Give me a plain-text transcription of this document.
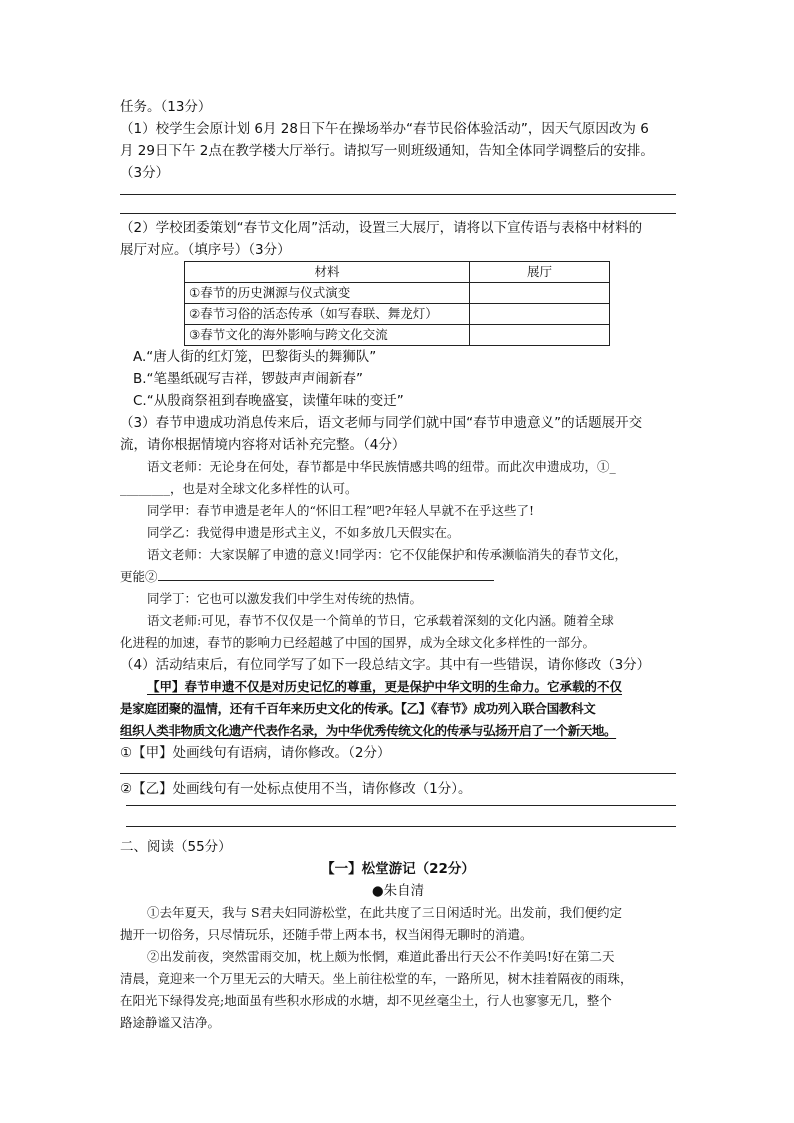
任务。（13分）
（1）校学生会原计划 6月 28日下午在操场举办“春节民俗体验活动”，因天气原因改为 6
月 29日下午 2点在教学楼大厅举行。请拟写一则班级通知，告知全体同学调整后的安排。
（3分）
（2）学校团委策划“春节文化周”活动，设置三大展厅，请将以下宣传语与表格中材料的
展厅对应。（填序号）（3分）
材料	展厅
①春节的历史渊源与仪式演变	
②春节习俗的活态传承（如写春联、舞龙灯）	
③春节文化的海外影响与跨文化交流	
A.“唐人街的红灯笼，巴黎街头的舞狮队”
B.“笔墨纸砚写吉祥，锣鼓声声闹新春”
C.“从殷商祭祖到春晚盛宴，读懂年味的变迁”
（3）春节申遗成功消息传来后，语文老师与同学们就中国“春节申遗意义”的话题展开交
流，请你根据情境内容将对话补充完整。（4分）
语文老师：无论身在何处，春节都是中华民族情感共鸣的纽带。而此次申遗成功，①_
________，也是对全球文化多样性的认可。
同学甲：春节申遗是老年人的“怀旧工程”吧?年轻人早就不在乎这些了!
同学乙：我觉得申遗是形式主义，不如多放几天假实在。
语文老师：大家误解了申遗的意义!同学丙：它不仅能保护和传承濒临消失的春节文化，
更能②
同学丁：它也可以激发我们中学生对传统的热情。
语文老师:可见，春节不仅仅是一个简单的节日，它承载着深刻的文化内涵。随着全球
化进程的加速，春节的影响力已经超越了中国的国界，成为全球文化多样性的一部分。
（4）活动结束后，有位同学写了如下一段总结文字。其中有一些错误，请你修改（3分）
【甲】春节申遗不仅是对历史记忆的尊重，更是保护中华文明的生命力。它承载的不仅
是家庭团聚的温情，还有千百年来历史文化的传承。【乙】《春节》成功列入联合国教科文
组织人类非物质文化遗产代表作名录，为中华优秀传统文化的传承与弘扬开启了一个新天地。
①【甲】处画线句有语病，请你修改。（2分）
②【乙】处画线句有一处标点使用不当，请你修改（1分）。
二、阅读（55分）
【一】松堂游记（22分）
●朱自清
①去年夏天，我与 S君夫妇同游松堂，在此共度了三日闲适时光。出发前，我们便约定
抛开一切俗务，只尽情玩乐，还随手带上两本书，权当闲得无聊时的消遣。
②出发前夜，突然雷雨交加，枕上颇为怅惘，难道此番出行天公不作美吗!好在第二天
清晨，竟迎来一个万里无云的大晴天。坐上前往松堂的车，一路所见，树木挂着隔夜的雨珠，
在阳光下绿得发亮;地面虽有些积水形成的水塘，却不见丝毫尘土，行人也寥寥无几，整个
路途静谧又洁净。
